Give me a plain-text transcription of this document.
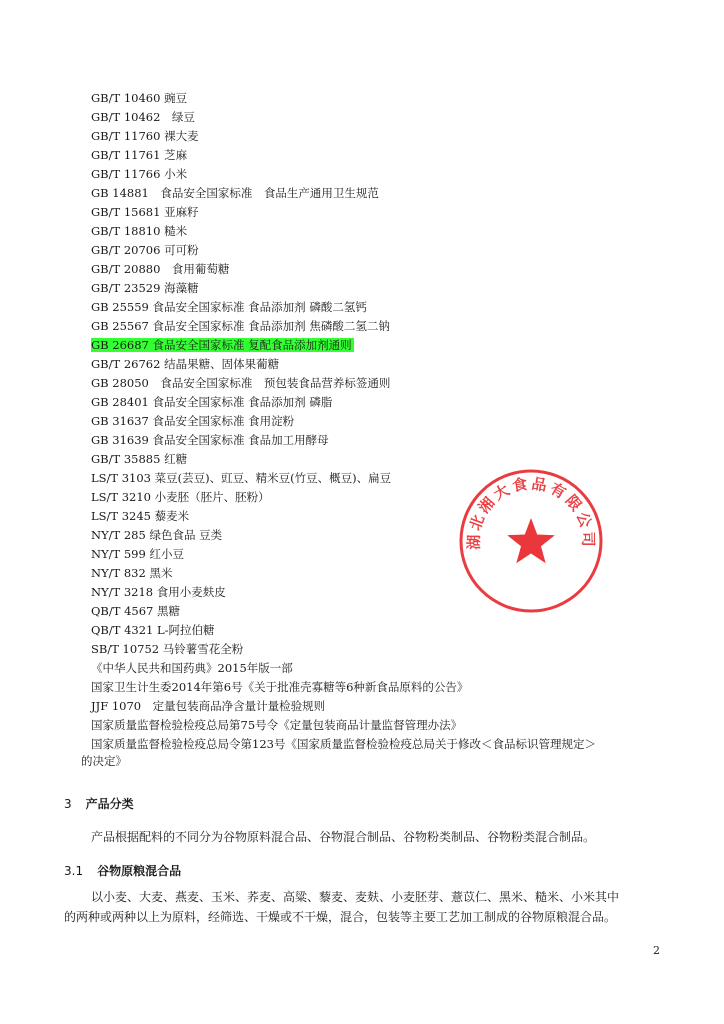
GB/T 10460 豌豆
GB/T 10462　绿豆
GB/T 11760 裸大麦
GB/T 11761 芝麻
GB/T 11766 小米
GB 14881　食品安全国家标准　食品生产通用卫生规范
GB/T 15681 亚麻籽
GB/T 18810 糙米
GB/T 20706 可可粉
GB/T 20880　食用葡萄糖
GB/T 23529 海藻糖
GB 25559 食品安全国家标准 食品添加剂 磷酸二氢钙
GB 25567 食品安全国家标准 食品添加剂 焦磷酸二氢二钠
GB 26687 食品安全国家标准 复配食品添加剂通则
GB/T 26762 结晶果糖、固体果葡糖
GB 28050　食品安全国家标准　预包装食品营养标签通则
GB 28401 食品安全国家标准 食品添加剂 磷脂
GB 31637 食品安全国家标准 食用淀粉
GB 31639 食品安全国家标准 食品加工用酵母
GB/T 35885 红糖
LS/T 3103 菜豆(芸豆)、豇豆、精米豆(竹豆、概豆)、扁豆
LS/T 3210 小麦胚（胚片、胚粉）
LS/T 3245 藜麦米
NY/T 285 绿色食品 豆类
NY/T 599 红小豆
NY/T 832 黑米
NY/T 3218 食用小麦麸皮
QB/T 4567 黑糖
QB/T 4321 L-阿拉伯糖
SB/T 10752 马铃薯雪花全粉
《中华人民共和国药典》2015年版一部
国家卫生计生委2014年第6号《关于批准壳寡糖等6种新食品原料的公告》
JJF 1070　定量包装商品净含量计量检验规则
国家质量监督检验检疫总局第75号令《定量包装商品计量监督管理办法》
国家质量监督检验检疫总局令第123号《国家质量监督检验检疫总局关于修改＜食品标识管理规定＞
的决定》
3 产品分类
产品根据配料的不同分为谷物原料混合品、谷物混合制品、谷物粉类制品、谷物粉类混合制品。
3.1 谷物原粮混合品
以小麦、大麦、燕麦、玉米、荞麦、高粱、藜麦、麦麸、小麦胚芽、薏苡仁、黑米、糙米、小米其中
的两种或两种以上为原料，经筛选、干燥或不干燥，混合，包装等主要工艺加工制成的谷物原粮混合品。
2
湖北湘大食品有限公司
